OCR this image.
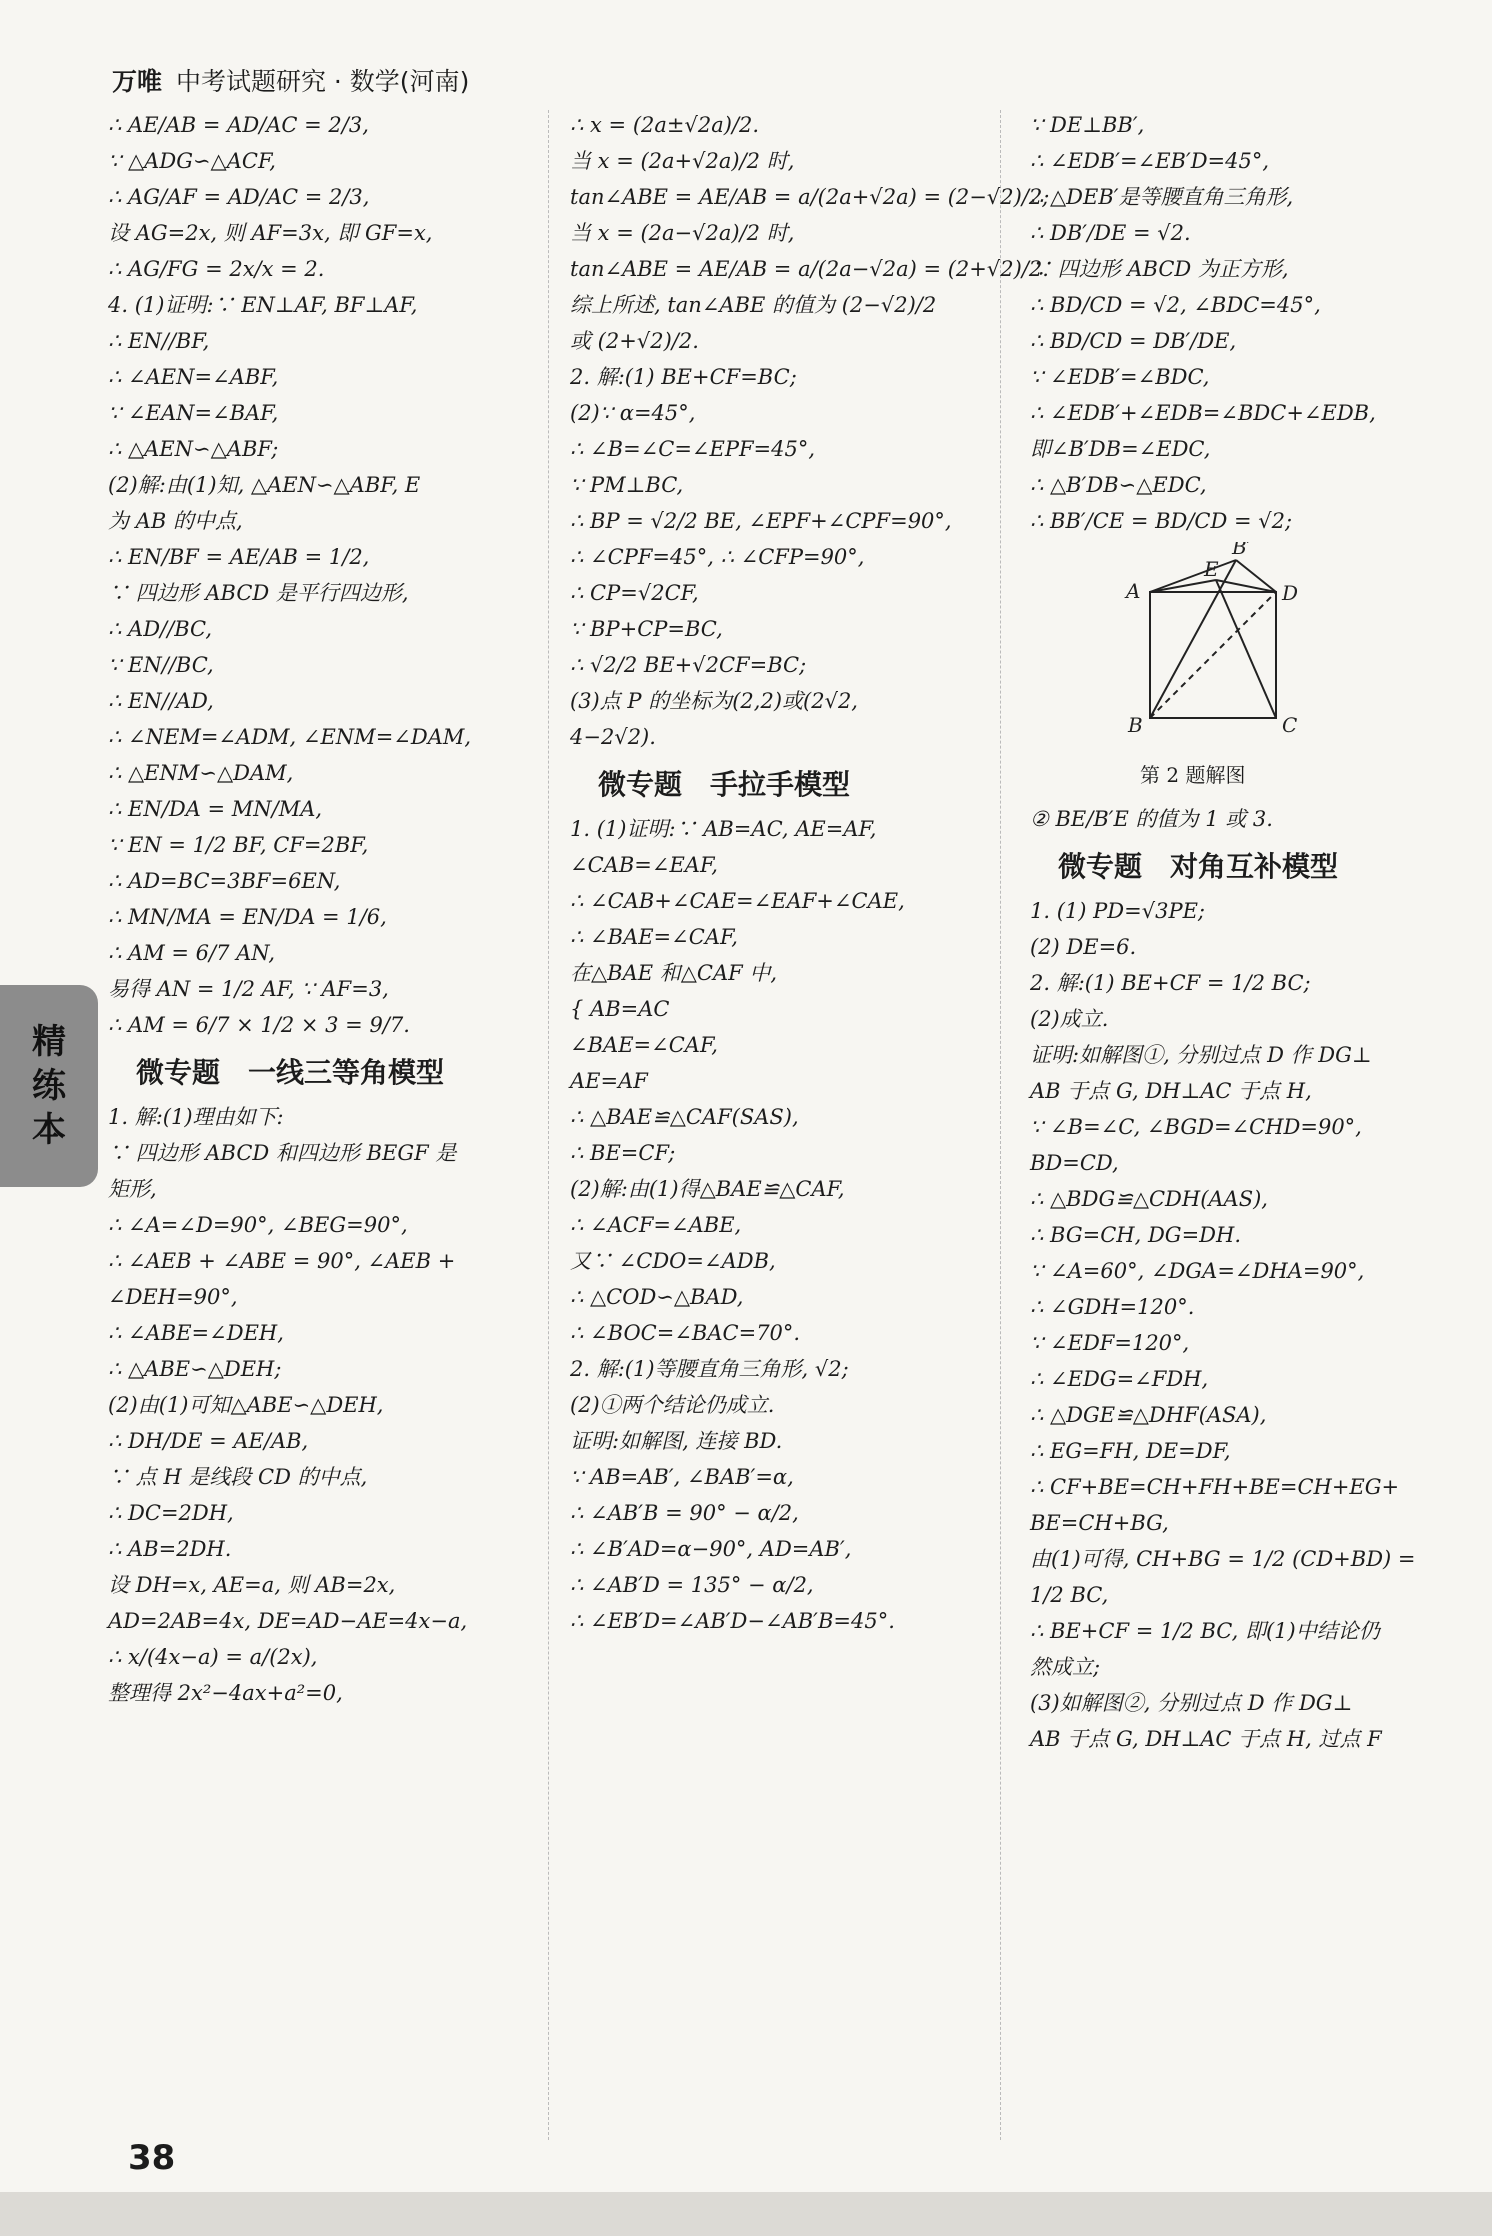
万唯 中考试题研究 · 数学(河南)
精
练
本
∴ AE/AB = AD/AC = 2/3,
∵ △ADG∽△ACF,
∴ AG/AF = AD/AC = 2/3,
设 AG=2x, 则 AF=3x, 即 GF=x,
∴ AG/FG = 2x/x = 2.
4. (1)证明:∵ EN⊥AF, BF⊥AF,
∴ EN//BF,
∴ ∠AEN=∠ABF,
∵ ∠EAN=∠BAF,
∴ △AEN∽△ABF;
(2)解:由(1)知, △AEN∽△ABF, E
为 AB 的中点,
∴ EN/BF = AE/AB = 1/2,
∵ 四边形 ABCD 是平行四边形,
∴ AD//BC,
∵ EN//BC,
∴ EN//AD,
∴ ∠NEM=∠ADM, ∠ENM=∠DAM,
∴ △ENM∽△DAM,
∴ EN/DA = MN/MA,
∵ EN = 1/2 BF, CF=2BF,
∴ AD=BC=3BF=6EN,
∴ MN/MA = EN/DA = 1/6,
∴ AM = 6/7 AN,
易得 AN = 1/2 AF, ∵ AF=3,
∴ AM = 6/7 × 1/2 × 3 = 9/7.
微专题　一线三等角模型
1. 解:(1)理由如下:
∵ 四边形 ABCD 和四边形 BEGF 是
矩形,
∴ ∠A=∠D=90°, ∠BEG=90°,
∴ ∠AEB + ∠ABE = 90°, ∠AEB +
∠DEH=90°,
∴ ∠ABE=∠DEH,
∴ △ABE∽△DEH;
(2)由(1)可知△ABE∽△DEH,
∴ DH/DE = AE/AB,
∵ 点 H 是线段 CD 的中点,
∴ DC=2DH,
∴ AB=2DH.
设 DH=x, AE=a, 则 AB=2x,
AD=2AB=4x, DE=AD−AE=4x−a,
∴ x/(4x−a) = a/(2x),
整理得 2x²−4ax+a²=0,
∴ x = (2a±√2a)/2.
当 x = (2a+√2a)/2 时,
tan∠ABE = AE/AB = a/(2a+√2a) = (2−√2)/2;
当 x = (2a−√2a)/2 时,
tan∠ABE = AE/AB = a/(2a−√2a) = (2+√2)/2.
综上所述, tan∠ABE 的值为 (2−√2)/2
或 (2+√2)/2.
2. 解:(1) BE+CF=BC;
(2)∵ α=45°,
∴ ∠B=∠C=∠EPF=45°,
∵ PM⊥BC,
∴ BP = √2/2 BE, ∠EPF+∠CPF=90°,
∴ ∠CPF=45°, ∴ ∠CFP=90°,
∴ CP=√2CF,
∵ BP+CP=BC,
∴ √2/2 BE+√2CF=BC;
(3)点 P 的坐标为(2,2)或(2√2,
4−2√2).
微专题　手拉手模型
1. (1)证明:∵ AB=AC, AE=AF,
∠CAB=∠EAF,
∴ ∠CAB+∠CAE=∠EAF+∠CAE,
∴ ∠BAE=∠CAF,
在△BAE 和△CAF 中,
{ AB=AC
∠BAE=∠CAF,
AE=AF
∴ △BAE≌△CAF(SAS),
∴ BE=CF;
(2)解:由(1)得△BAE≌△CAF,
∴ ∠ACF=∠ABE,
又∵ ∠CDO=∠ADB,
∴ △COD∽△BAD,
∴ ∠BOC=∠BAC=70°.
2. 解:(1)等腰直角三角形, √2;
(2)①两个结论仍成立.
证明:如解图, 连接 BD.
∵ AB=AB′, ∠BAB′=α,
∴ ∠AB′B = 90° − α/2,
∴ ∠B′AD=α−90°, AD=AB′,
∴ ∠AB′D = 135° − α/2,
∴ ∠EB′D=∠AB′D−∠AB′B=45°.
∵ DE⊥BB′,
∴ ∠EDB′=∠EB′D=45°,
∴ △DEB′是等腰直角三角形,
∴ DB′/DE = √2.
∵ 四边形 ABCD 为正方形,
∴ BD/CD = √2, ∠BDC=45°,
∴ BD/CD = DB′/DE,
∵ ∠EDB′=∠BDC,
∴ ∠EDB′+∠EDB=∠BDC+∠EDB,
即∠B′DB=∠EDC,
∴ △B′DB∽△EDC,
∴ BB′/CE = BD/CD = √2;
B′
E
A	D
B	C
第 2 题解图
② BE/B′E 的值为 1 或 3.
微专题　对角互补模型
1. (1) PD=√3PE;
(2) DE=6.
2. 解:(1) BE+CF = 1/2 BC;
(2)成立.
证明:如解图①, 分别过点 D 作 DG⊥
AB 于点 G, DH⊥AC 于点 H,
∵ ∠B=∠C, ∠BGD=∠CHD=90°,
BD=CD,
∴ △BDG≌△CDH(AAS),
∴ BG=CH, DG=DH.
∵ ∠A=60°, ∠DGA=∠DHA=90°,
∴ ∠GDH=120°.
∵ ∠EDF=120°,
∴ ∠EDG=∠FDH,
∴ △DGE≌△DHF(ASA),
∴ EG=FH, DE=DF,
∴ CF+BE=CH+FH+BE=CH+EG+
BE=CH+BG,
由(1)可得, CH+BG = 1/2 (CD+BD) =
1/2 BC,
∴ BE+CF = 1/2 BC, 即(1)中结论仍
然成立;
(3)如解图②, 分别过点 D 作 DG⊥
AB 于点 G, DH⊥AC 于点 H, 过点 F
38
